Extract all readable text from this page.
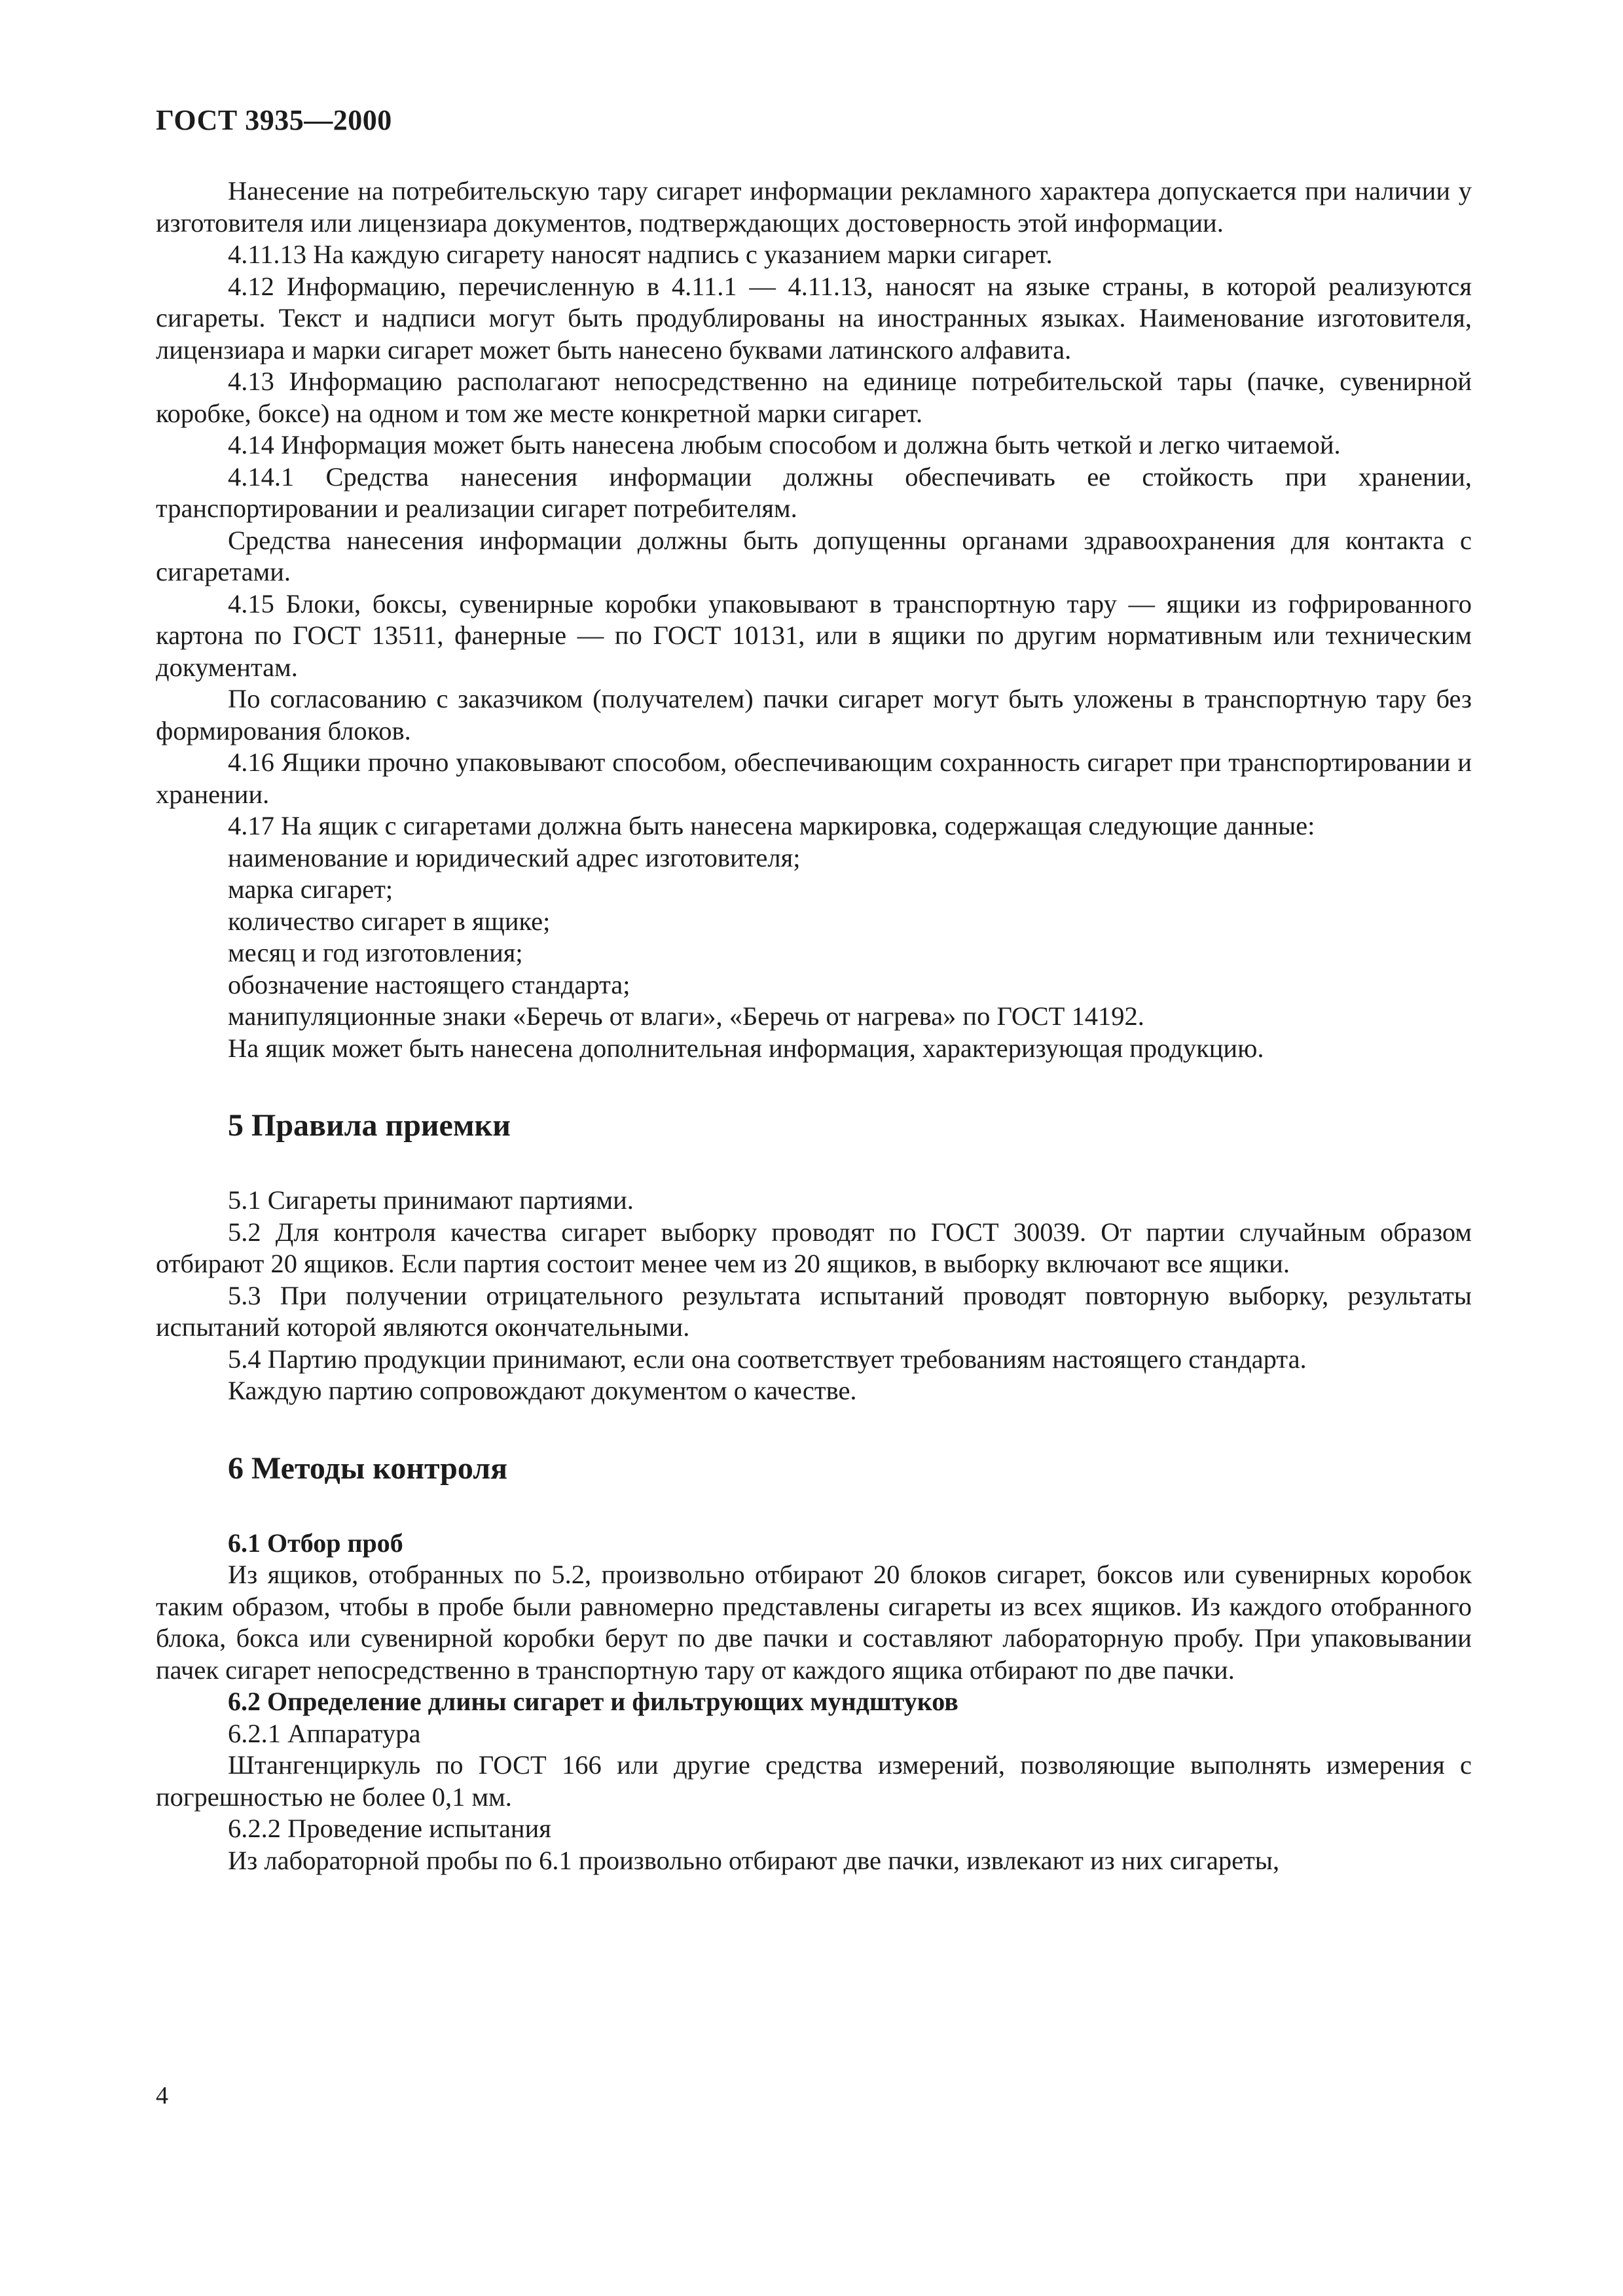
ГОСТ 3935—2000

Нанесение на потребительскую тару сигарет информации рекламного характера допускается при наличии у изготовителя или лицензиара документов, подтверждающих достоверность этой информации.

4.11.13 На каждую сигарету наносят надпись с указанием марки сигарет.

4.12 Информацию, перечисленную в 4.11.1 — 4.11.13, наносят на языке страны, в которой реализуются сигареты. Текст и надписи могут быть продублированы на иностранных языках. Наименование изготовителя, лицензиара и марки сигарет может быть нанесено буквами латинского алфавита.

4.13 Информацию располагают непосредственно на единице потребительской тары (пачке, сувенирной коробке, боксе) на одном и том же месте конкретной марки сигарет.

4.14 Информация может быть нанесена любым способом и должна быть четкой и легко читаемой.

4.14.1 Средства нанесения информации должны обеспечивать ее стойкость при хранении, транспортировании и реализации сигарет потребителям.

Средства нанесения информации должны быть допущенны органами здравоохранения для контакта с сигаретами.

4.15 Блоки, боксы, сувенирные коробки упаковывают в транспортную тару — ящики из гофрированного картона по ГОСТ 13511, фанерные — по ГОСТ 10131, или в ящики по другим нормативным или техническим документам.

По согласованию с заказчиком (получателем) пачки сигарет могут быть уложены в транспортную тару без формирования блоков.

4.16 Ящики прочно упаковывают способом, обеспечивающим сохранность сигарет при транспортировании и хранении.

4.17 На ящик с сигаретами должна быть нанесена маркировка, содержащая следующие данные:

наименование и юридический адрес изготовителя;

марка сигарет;

количество сигарет в ящике;

месяц и год изготовления;

обозначение настоящего стандарта;

манипуляционные знаки «Беречь от влаги», «Беречь от нагрева» по ГОСТ 14192.

На ящик может быть нанесена дополнительная информация, характеризующая продукцию.

5 Правила приемки

5.1 Сигареты принимают партиями.

5.2 Для контроля качества сигарет выборку проводят по ГОСТ 30039. От партии случайным образом отбирают 20 ящиков. Если партия состоит менее чем из 20 ящиков, в выборку включают все ящики.

5.3 При получении отрицательного результата испытаний проводят повторную выборку, результаты испытаний которой являются окончательными.

5.4 Партию продукции принимают, если она соответствует требованиям настоящего стандарта.

Каждую партию сопровождают документом о качестве.

6 Методы контроля
6.1 Отбор проб

Из ящиков, отобранных по 5.2, произвольно отбирают 20 блоков сигарет, боксов или сувенирных коробок таким образом, чтобы в пробе были равномерно представлены сигареты из всех ящиков. Из каждого отобранного блока, бокса или сувенирной коробки берут по две пачки и составляют лабораторную пробу. При упаковывании пачек сигарет непосредственно в транспортную тару от каждого ящика отбирают по две пачки.

6.2 Определение длины сигарет и фильтрующих мундштуков

6.2.1 Аппаратура

Штангенциркуль по ГОСТ 166 или другие средства измерений, позволяющие выполнять измерения с погрешностью не более 0,1 мм.

6.2.2 Проведение испытания

Из лабораторной пробы по 6.1 произвольно отбирают две пачки, извлекают из них сигареты,

4
